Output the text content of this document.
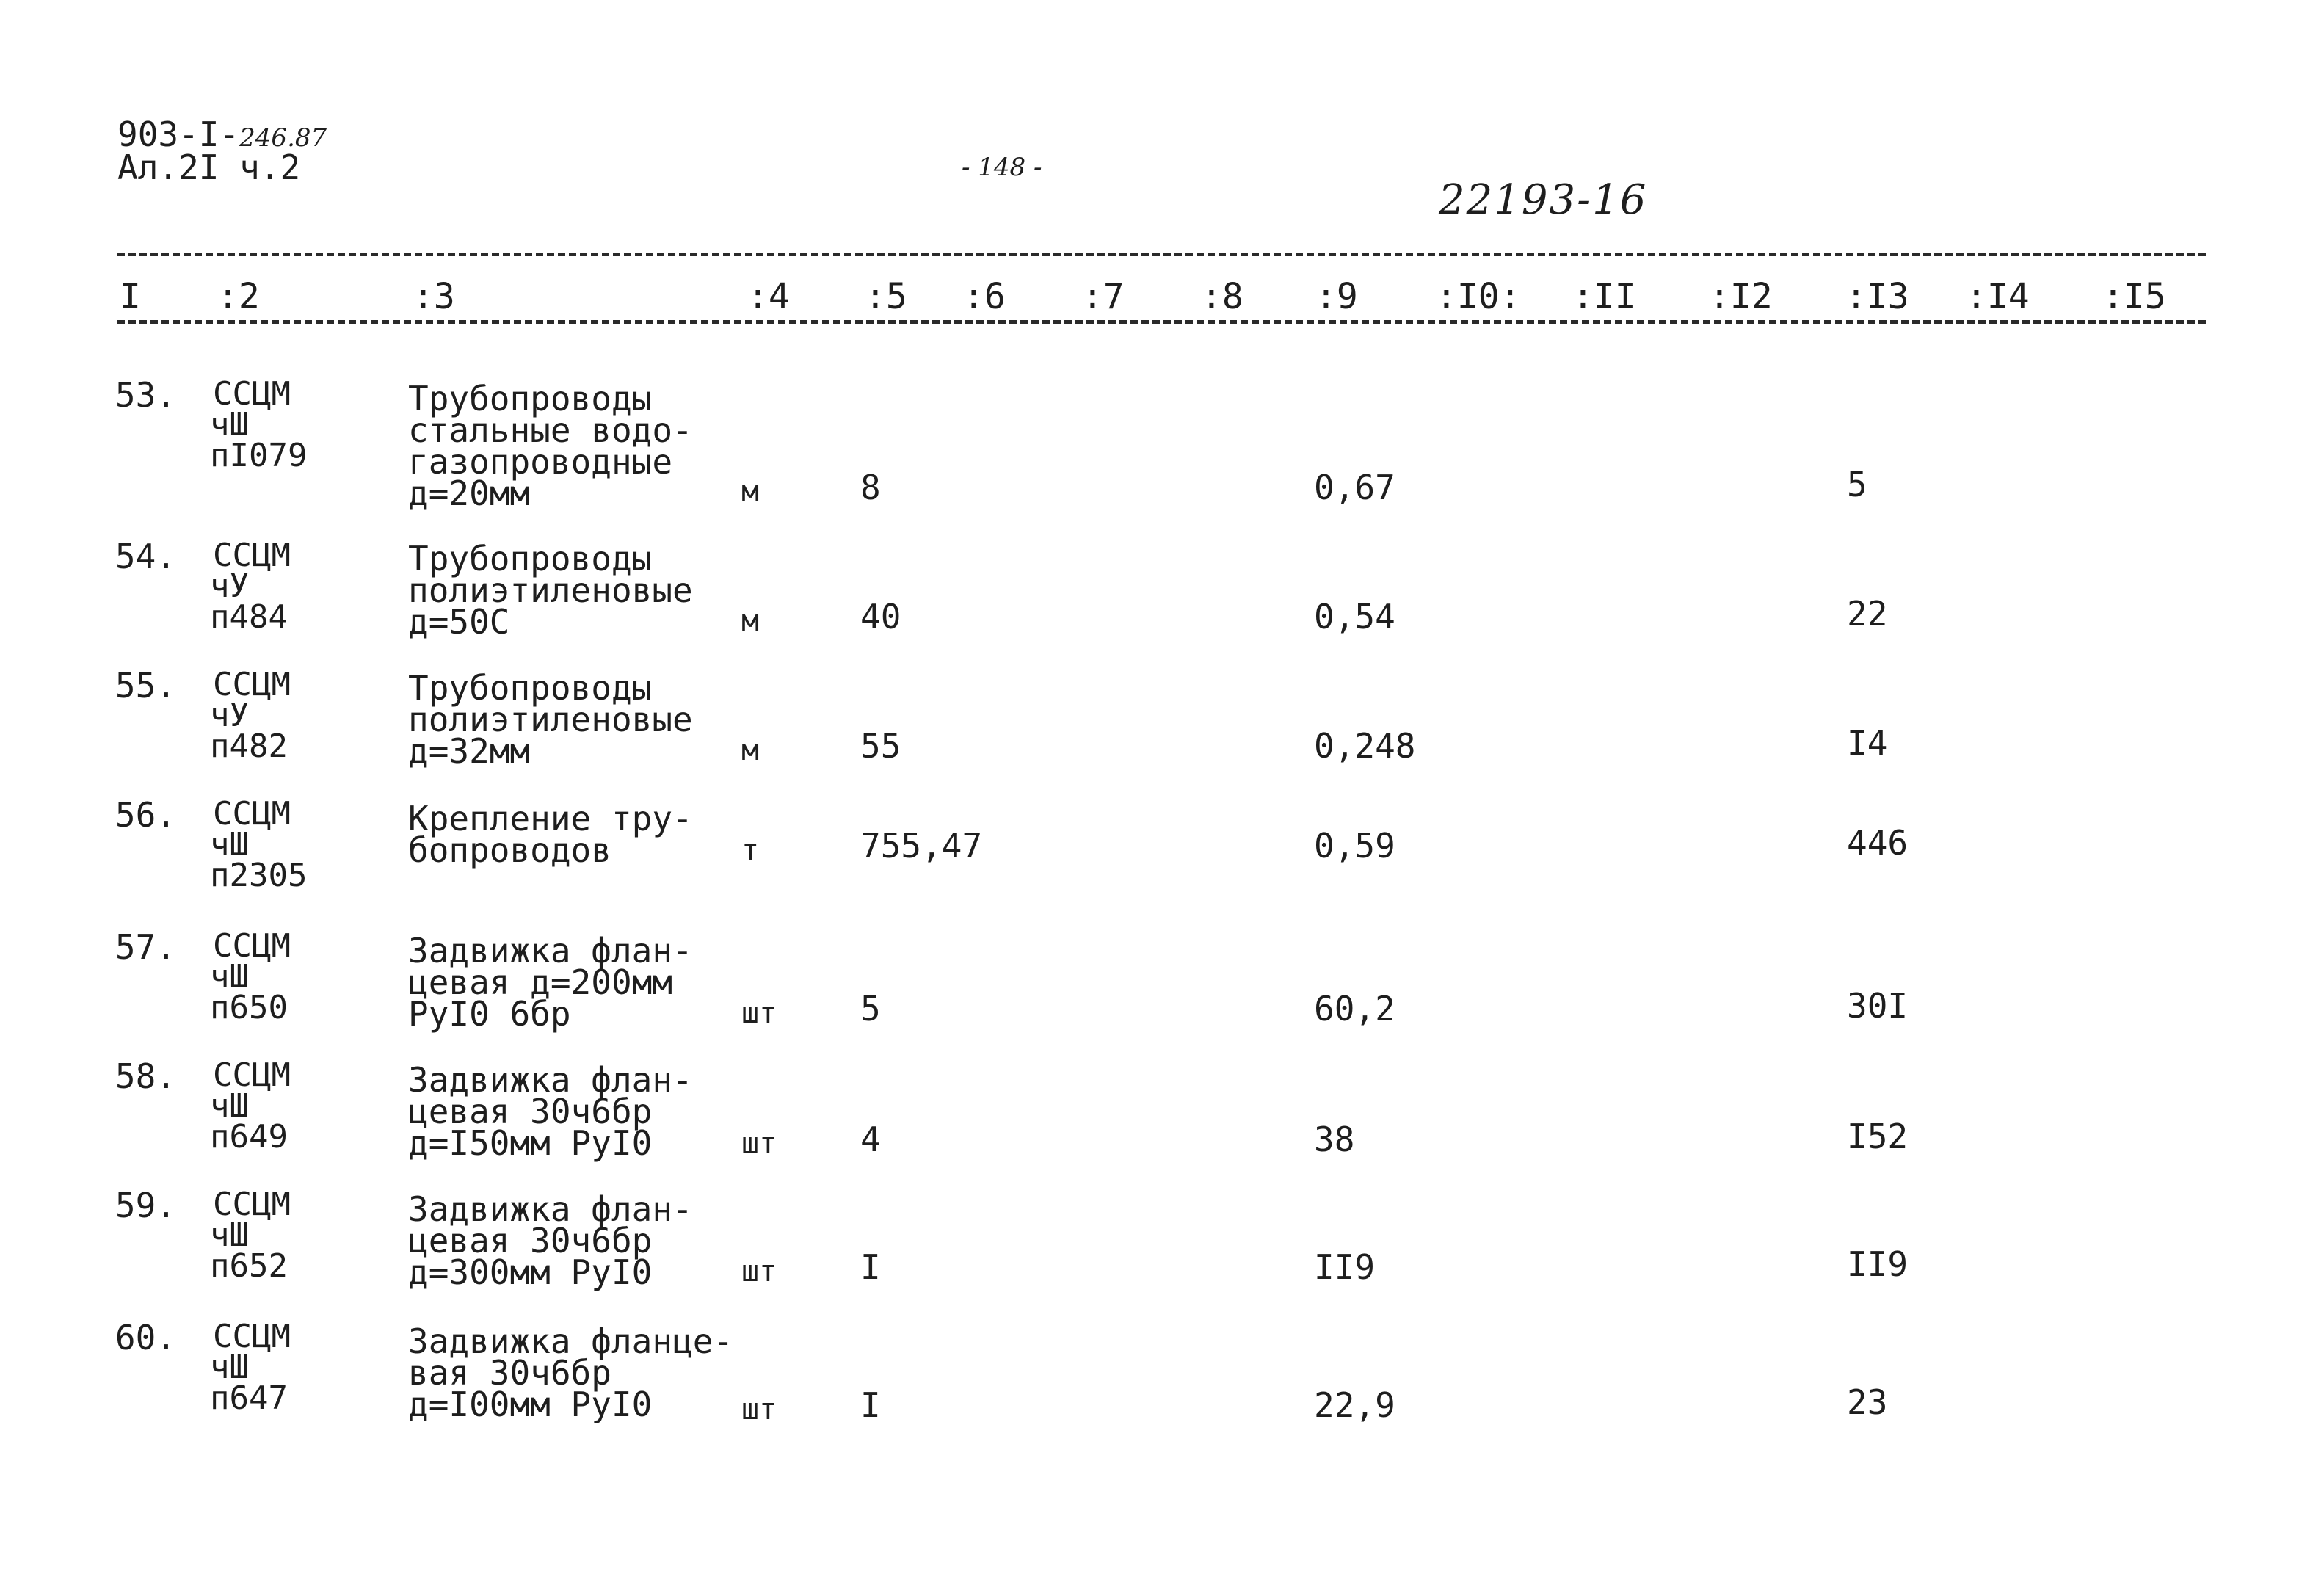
903-I-246.87
Ал.2I ч.2	- 148 -
22193-16
I :2	:3	:4 :5 :6 :7 :8 :9 :I0: :II :I2 :I3 :I4 :I5
53. ССЦМ
чШ
пI079
Трубопроводы
стальные водо-
газопроводные
д=20мм	м	8	0,67	5
54. ССЦМ
чУ
п484
Трубопроводы
полиэтиленовые
д=50С	м	40	0,54	22
55. ССЦМ
чУ
п482
Трубопроводы
полиэтиленовые
д=32мм	м	55	0,248	I4
56. ССЦМ
чШ
п2305
Крепление тру-
бопроводов	т	755,47	0,59	446
57. ССЦМ
чШ
п650
Задвижка флан-
цевая д=200мм
РуI0 6бр	шт 5	60,2	30I
58. ССЦМ
чШ
п649
Задвижка флан-
цевая 30ч6бр
д=I50мм РуI0	шт 4	38	I52
59. ССЦМ
чШ
п652
Задвижка флан-
цевая 30ч6бр
д=300мм РуI0	шт I	II9	II9
60. ССЦМ
чШ
п647
Задвижка фланце-
вая 30ч6бр
д=I00мм РуI0	шт I	22,9	23
